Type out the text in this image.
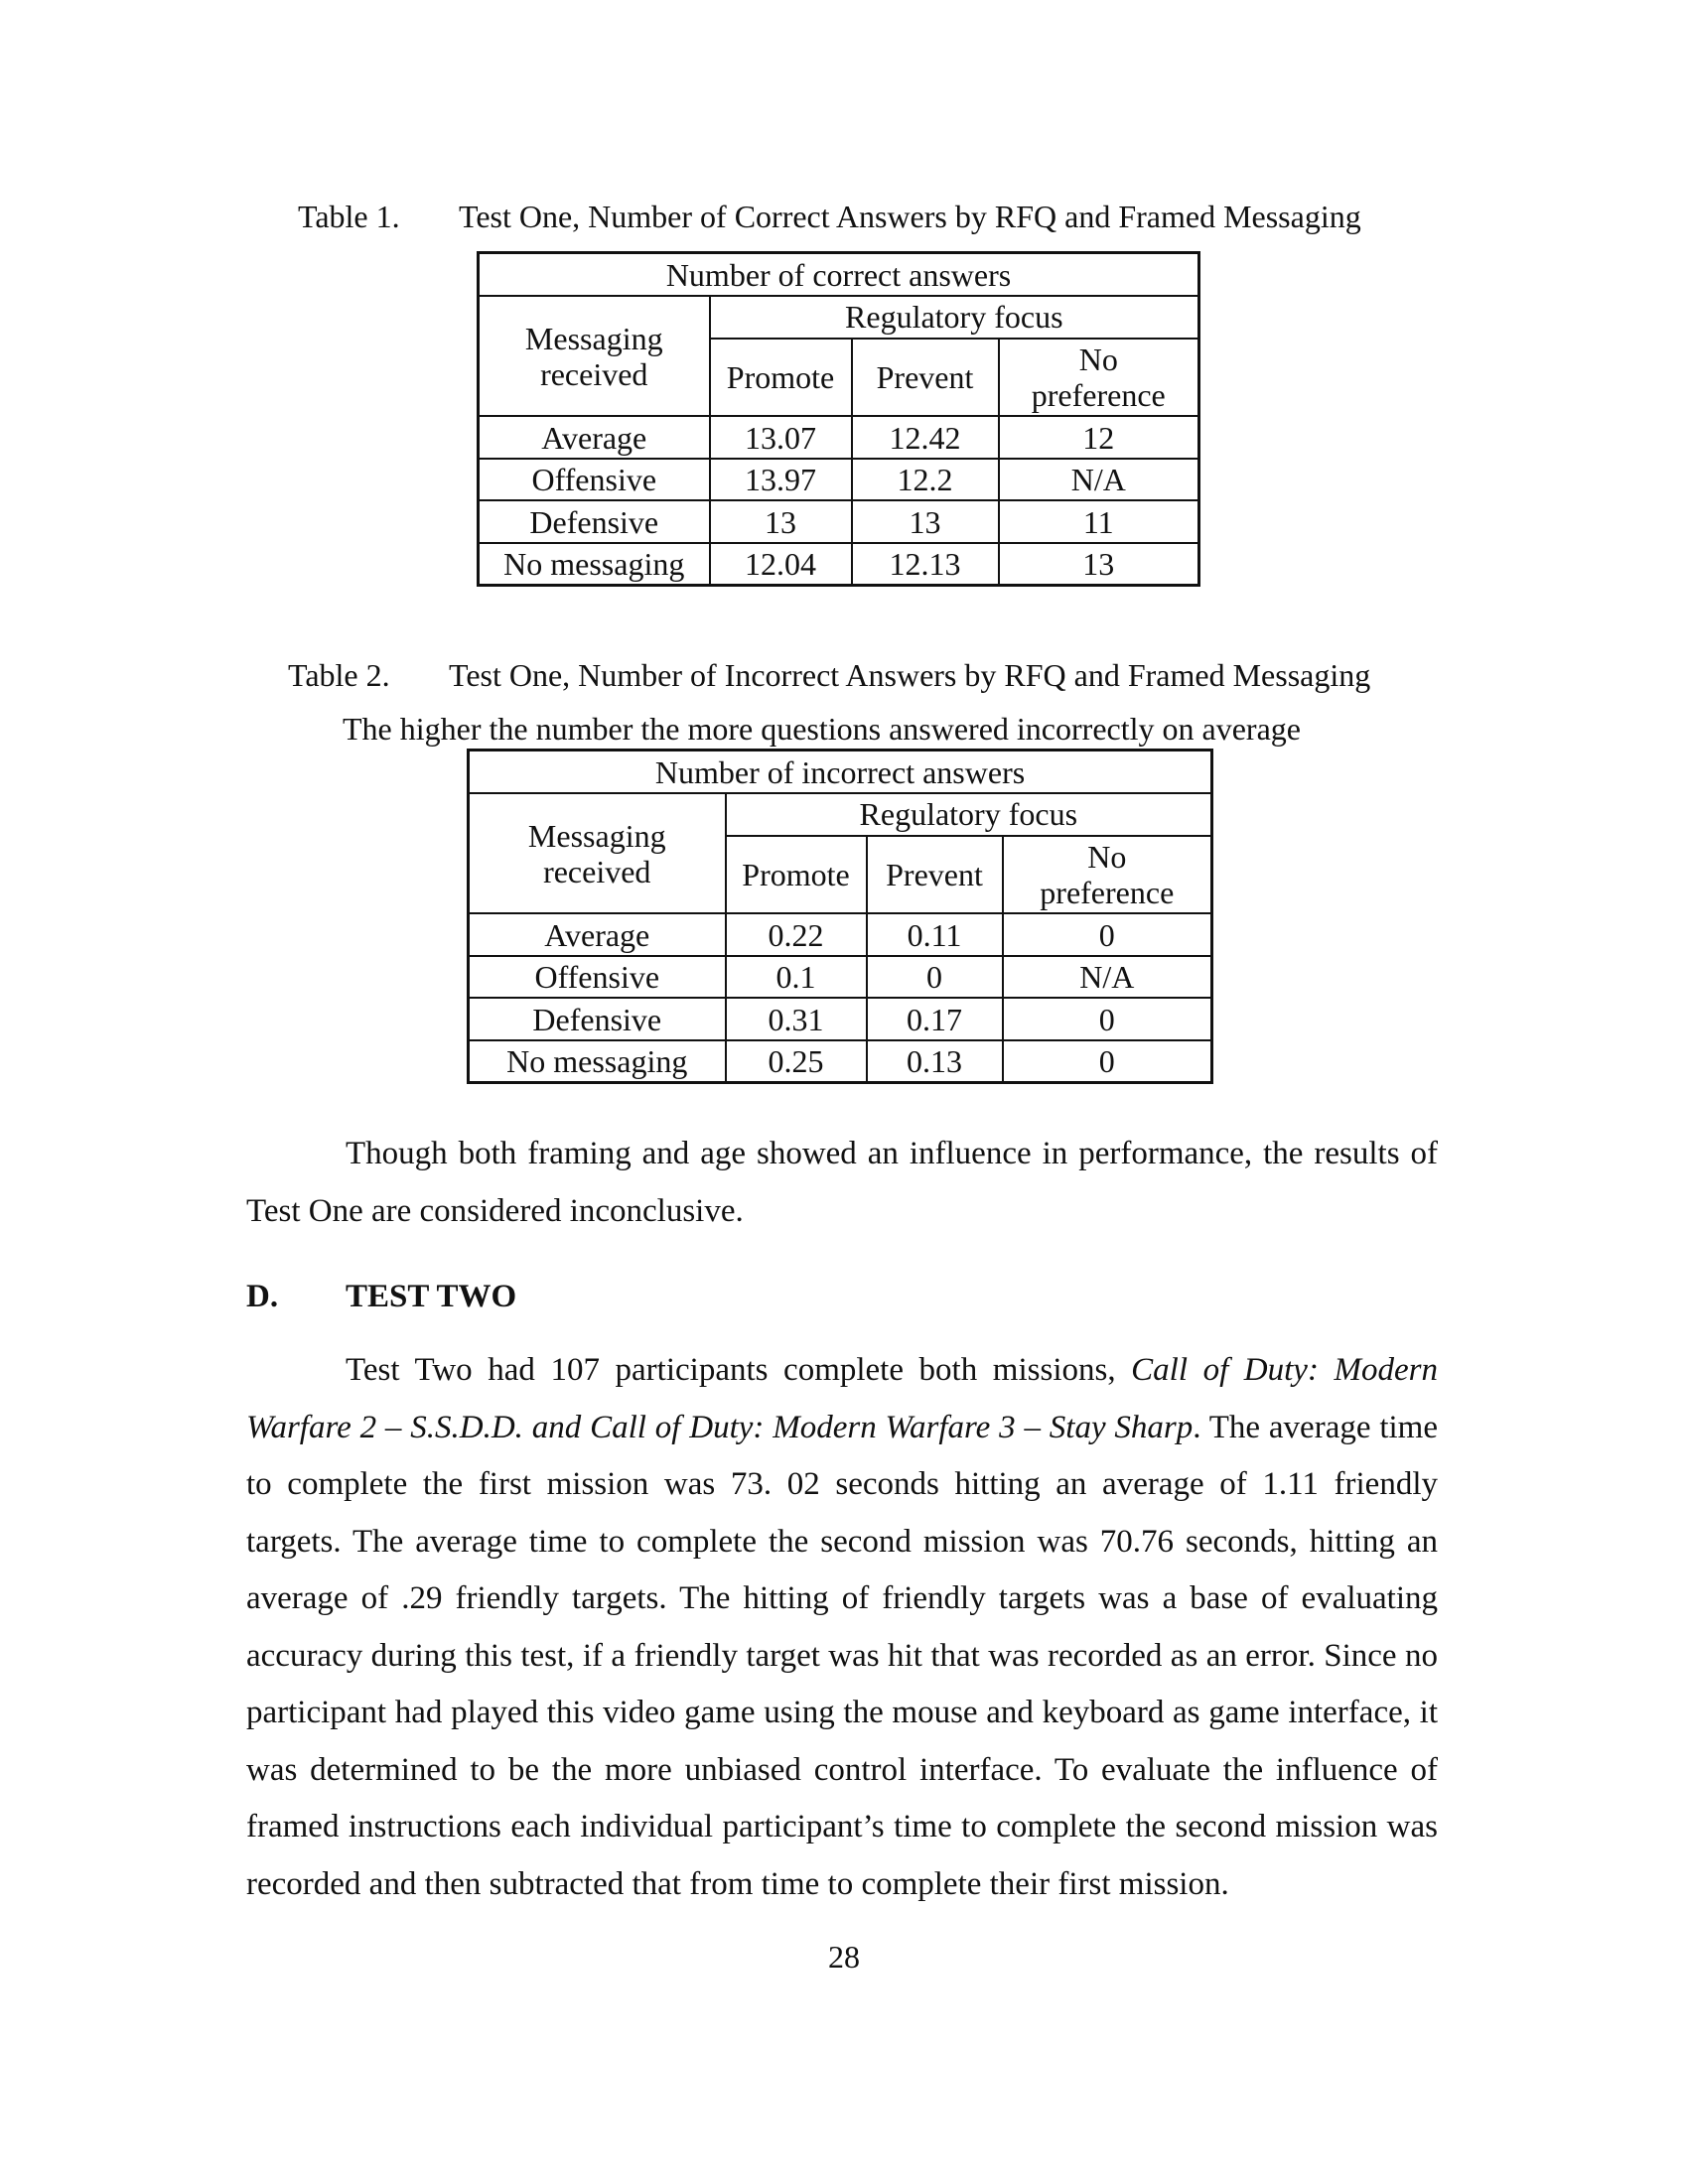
Table 1. Test One, Number of Correct Answers by RFQ and Framed Messaging
Number of correct answers			
Messaging
received	Regulatory focus		
	Promote	Prevent	No
preference
Average	13.07	12.42	12
Offensive	13.97	12.2	N/A
Defensive	13	13	11
No messaging	12.04	12.13	13
Table 2. Test One, Number of Incorrect Answers by RFQ and Framed Messaging
The higher the number the more questions answered incorrectly on average
Number of incorrect answers			
Messaging
received	Regulatory focus		
	Promote	Prevent	No
preference
Average	0.22	0.11	0
Offensive	0.1	0	N/A
Defensive	0.31	0.17	0
No messaging	0.25	0.13	0

Though both framing and age showed an influence in performance, the results of Test One are considered inconclusive.

D. TEST TWO

Test Two had 107 participants complete both missions, Call of Duty: Modern Warfare 2 – S.S.D.D. and Call of Duty: Modern Warfare 3 – Stay Sharp. The average time to complete the first mission was 73. 02 seconds hitting an average of 1.11 friendly targets. The average time to complete the second mission was 70.76 seconds, hitting an average of .29 friendly targets. The hitting of friendly targets was a base of evaluating accuracy during this test, if a friendly target was hit that was recorded as an error. Since no participant had played this video game using the mouse and keyboard as game interface, it was determined to be the more unbiased control interface. To evaluate the influence of framed instructions each individual participant’s time to complete the second mission was recorded and then subtracted that from time to complete their first mission.

28
